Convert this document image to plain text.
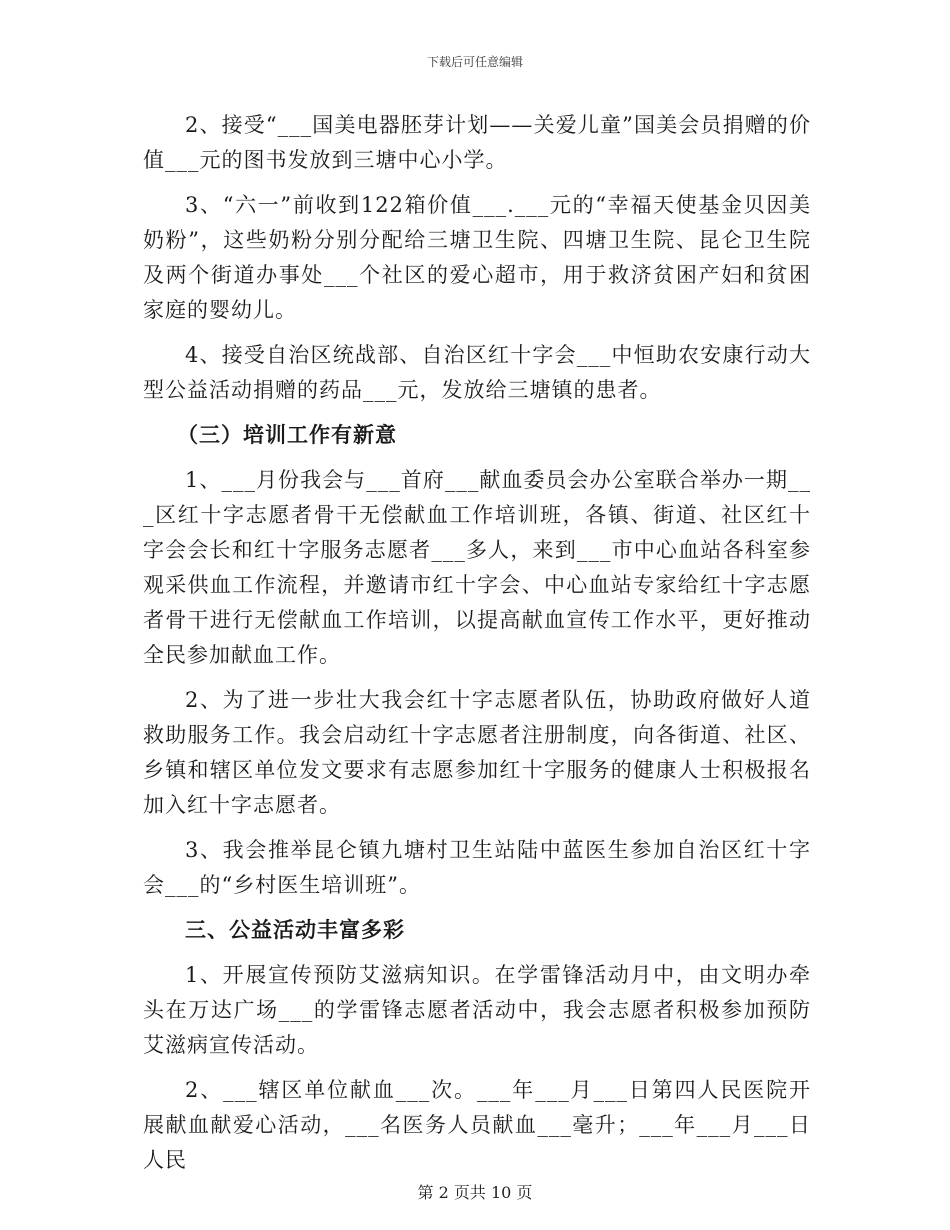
下载后可任意编辑

2、接受“___国美电器胚芽计划——关爱儿童”国美会员捐赠的价值___元的图书发放到三塘中心小学。

3、“六一”前收到122箱价值___.___元的“幸福天使基金贝因美奶粉”，这些奶粉分别分配给三塘卫生院、四塘卫生院、昆仑卫生院及两个街道办事处___个社区的爱心超市，用于救济贫困产妇和贫困家庭的婴幼儿。

4、接受自治区统战部、自治区红十字会___中恒助农安康行动大型公益活动捐赠的药品___元，发放给三塘镇的患者。

（三）培训工作有新意

1、___月份我会与___首府___献血委员会办公室联合举办一期___区红十字志愿者骨干无偿献血工作培训班，各镇、街道、社区红十字会会长和红十字服务志愿者___多人，来到___市中心血站各科室参观采供血工作流程，并邀请市红十字会、中心血站专家给红十字志愿者骨干进行无偿献血工作培训，以提高献血宣传工作水平，更好推动全民参加献血工作。

2、为了进一步壮大我会红十字志愿者队伍，协助政府做好人道救助服务工作。我会启动红十字志愿者注册制度，向各街道、社区、乡镇和辖区单位发文要求有志愿参加红十字服务的健康人士积极报名加入红十字志愿者。

3、我会推举昆仑镇九塘村卫生站陆中蓝医生参加自治区红十字会___的“乡村医生培训班”。

三、公益活动丰富多彩

1、开展宣传预防艾滋病知识。在学雷锋活动月中，由文明办牵头在万达广场___的学雷锋志愿者活动中，我会志愿者积极参加预防艾滋病宣传活动。

2、___辖区单位献血___次。___年___月___日第四人民医院开展献血献爱心活动，___名医务人员献血___毫升；___年___月___日人民

第 2 页共 10 页
